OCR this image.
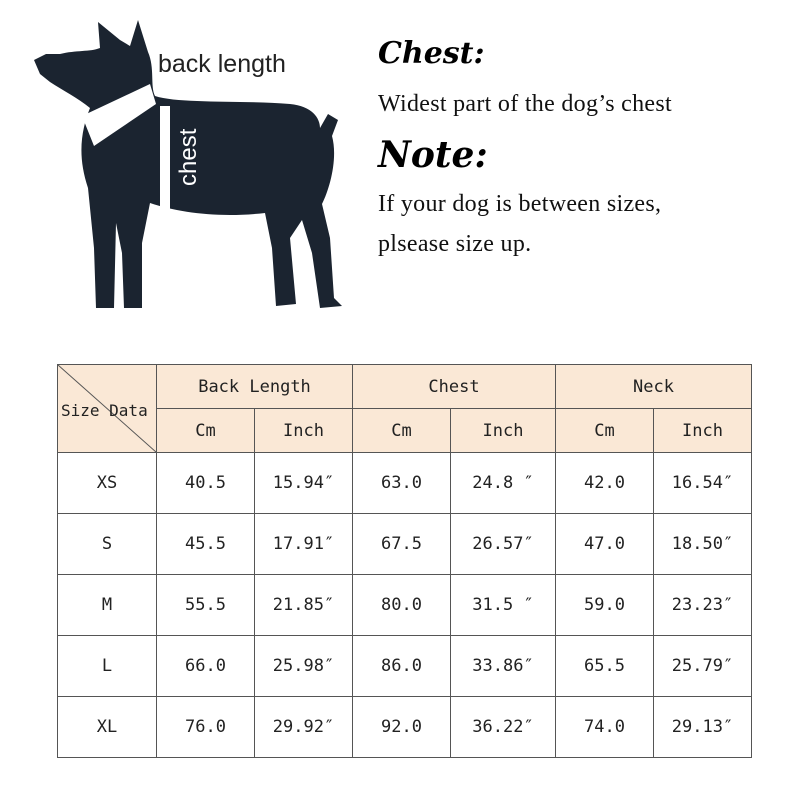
back length
neck
chest

Chest:

Widest part of the dog’s chest

Note:

If your dog is between sizes,

plsease size up.

Size Data	Back Length		Chest		Neck	
	Cm	Inch	Cm	Inch	Cm	Inch
XS	40.5	15.94″	63.0	24.8 ″	42.0	16.54″
S	45.5	17.91″	67.5	26.57″	47.0	18.50″
M	55.5	21.85″	80.0	31.5 ″	59.0	23.23″
L	66.0	25.98″	86.0	33.86″	65.5	25.79″
XL	76.0	29.92″	92.0	36.22″	74.0	29.13″
